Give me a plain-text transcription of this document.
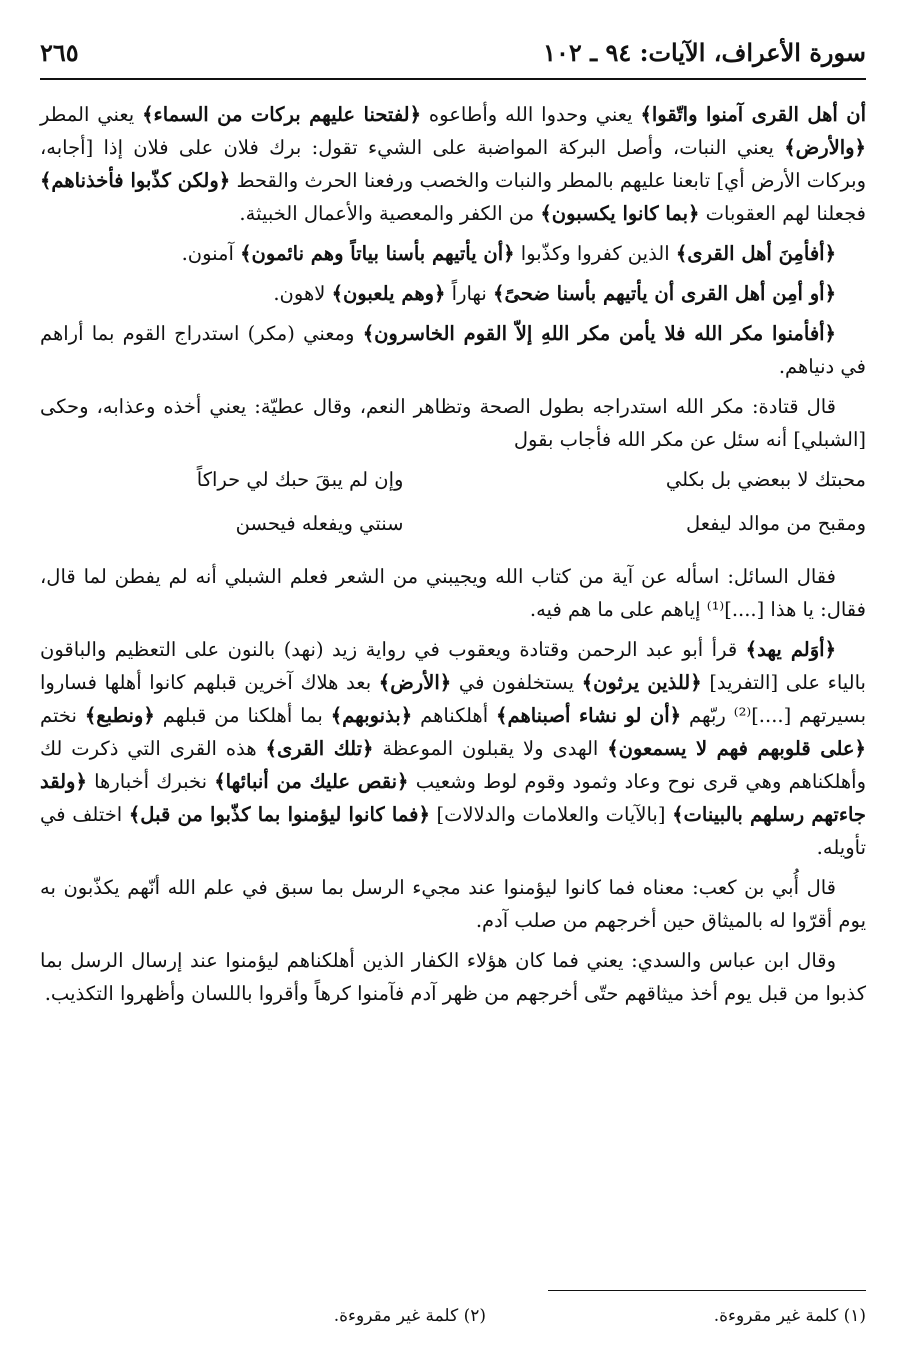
سورة الأعراف، الآيات: ٩٤ ـ ١٠٢
٢٦٥

أن أهل القرى آمنوا واتّقوا﴾ يعني وحدوا الله وأطاعوه ﴿لفتحنا عليهم بركات من السماء﴾ يعني المطر ﴿والأرض﴾ يعني النبات، وأصل البركة المواضبة على الشيء تقول: برك فلان على فلان إذا [أجابه، وبركات الأرض أي] تابعنا عليهم بالمطر والنبات والخصب ورفعنا الحرث والقحط ﴿ولكن كذّبوا فأخذناهم﴾ فجعلنا لهم العقوبات ﴿بما كانوا يكسبون﴾ من الكفر والمعصية والأعمال الخبيثة.

﴿أفأمِنَ أهل القرى﴾ الذين كفروا وكذّبوا ﴿أن يأتيهم بأسنا بياتاً وهم نائمون﴾ آمنون.

﴿أو أمِن أهل القرى أن يأتيهم بأسنا ضحىً﴾ نهاراً ﴿وهم يلعبون﴾ لاهون.

﴿أفأمنوا مكر الله فلا يأمن مكر اللهِ إلاّ القوم الخاسرون﴾ ومعني (مكر) استدراج القوم بما أراهم في دنياهم.

قال قتادة: مكر الله استدراجه بطول الصحة وتظاهر النعم، وقال عطيّة: يعني أخذه وعذابه، وحكى [الشبلي] أنه سئل عن مكر الله فأجاب بقول

محبتك لا ببعضي بل بكلي
وإن لم يبقَ حبك لي حراكاً
ومقبح من موالد ليفعل
سنتي ويفعله فيحسن

فقال السائل: اسأله عن آية من كتاب الله ويجيبني من الشعر فعلم الشبلي أنه لم يفطن لما قال، فقال: يا هذا [....]⁽¹⁾ إياهم على ما هم فيه.

﴿أوَلم يهد﴾ قرأ أبو عبد الرحمن وقتادة ويعقوب في رواية زيد (نهد) بالنون على التعظيم والباقون بالياء على [التفريد] ﴿للذين يرثون﴾ يستخلفون في ﴿الأرض﴾ بعد هلاك آخرين قبلهم كانوا أهلها فساروا بسيرتهم [....]⁽²⁾ ربّهم ﴿أن لو نشاء أصبناهم﴾ أهلكناهم ﴿بذنوبهم﴾ بما أهلكنا من قبلهم ﴿ونطبع﴾ نختم ﴿على قلوبهم فهم لا يسمعون﴾ الهدى ولا يقبلون الموعظة ﴿تلك القرى﴾ هذه القرى التي ذكرت لك وأهلكناهم وهي قرى نوح وعاد وثمود وقوم لوط وشعيب ﴿نقص عليك من أنبائها﴾ نخبرك أخبارها ﴿ولقد جاءتهم رسلهم بالبينات﴾ [بالآيات والعلامات والدلالات] ﴿فما كانوا ليؤمنوا بما كذّبوا من قبل﴾ اختلف في تأويله.

قال أُبي بن كعب: معناه فما كانوا ليؤمنوا عند مجيء الرسل بما سبق في علم الله أنّهم يكذّبون به يوم أقرّوا له بالميثاق حين أخرجهم من صلب آدم.

وقال ابن عباس والسدي: يعني فما كان هؤلاء الكفار الذين أهلكناهم ليؤمنوا عند إرسال الرسل بما كذبوا من قبل يوم أخذ ميثاقهم حتّى أخرجهم من ظهر آدم فآمنوا كرهاً وأقروا باللسان وأظهروا التكذيب.

(١) كلمة غير مقروءة.
(٢) كلمة غير مقروءة.
